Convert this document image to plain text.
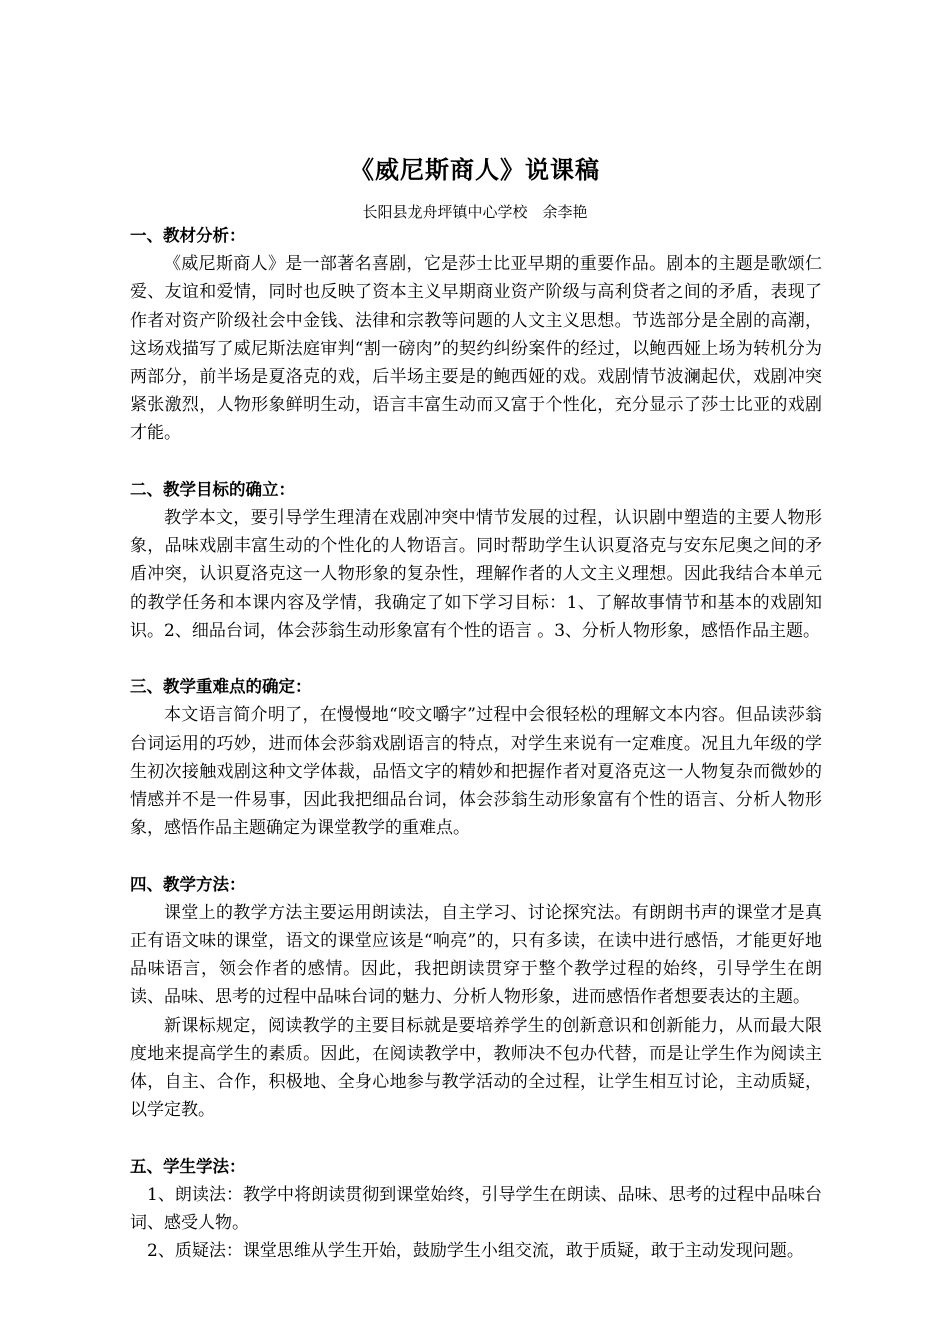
《威尼斯商人》说课稿
长阳县龙舟坪镇中心学校　余李艳

一、教材分析：

《威尼斯商人》是一部著名喜剧，它是莎士比亚早期的重要作品。剧本的主题是歌颂仁爱、友谊和爱情，同时也反映了资本主义早期商业资产阶级与高利贷者之间的矛盾，表现了作者对资产阶级社会中金钱、法律和宗教等问题的人文主义思想。节选部分是全剧的高潮，这场戏描写了威尼斯法庭审判“割一磅肉”的契约纠纷案件的经过，以鲍西娅上场为转机分为两部分，前半场是夏洛克的戏，后半场主要是的鲍西娅的戏。戏剧情节波澜起伏，戏剧冲突紧张激烈，人物形象鲜明生动，语言丰富生动而又富于个性化，充分显示了莎士比亚的戏剧才能。

二、教学目标的确立：

教学本文，要引导学生理清在戏剧冲突中情节发展的过程，认识剧中塑造的主要人物形象，品味戏剧丰富生动的个性化的人物语言。同时帮助学生认识夏洛克与安东尼奥之间的矛盾冲突，认识夏洛克这一人物形象的复杂性，理解作者的人文主义理想。因此我结合本单元的教学任务和本课内容及学情，我确定了如下学习目标：1、了解故事情节和基本的戏剧知识。2、细品台词，体会莎翁生动形象富有个性的语言 。3、分析人物形象，感悟作品主题。

三、教学重难点的确定：

本文语言简介明了，在慢慢地“咬文嚼字”过程中会很轻松的理解文本内容。但品读莎翁台词运用的巧妙，进而体会莎翁戏剧语言的特点，对学生来说有一定难度。况且九年级的学生初次接触戏剧这种文学体裁，品悟文字的精妙和把握作者对夏洛克这一人物复杂而微妙的情感并不是一件易事，因此我把细品台词，体会莎翁生动形象富有个性的语言、分析人物形象，感悟作品主题确定为课堂教学的重难点。

四、教学方法：

课堂上的教学方法主要运用朗读法，自主学习、讨论探究法。有朗朗书声的课堂才是真正有语文味的课堂，语文的课堂应该是“响亮”的，只有多读，在读中进行感悟，才能更好地品味语言，领会作者的感情。因此，我把朗读贯穿于整个教学过程的始终，引导学生在朗读、品味、思考的过程中品味台词的魅力、分析人物形象，进而感悟作者想要表达的主题。

新课标规定，阅读教学的主要目标就是要培养学生的创新意识和创新能力，从而最大限度地来提高学生的素质。因此，在阅读教学中，教师决不包办代替，而是让学生作为阅读主体，自主、合作，积极地、全身心地参与教学活动的全过程，让学生相互讨论，主动质疑，以学定教。

五、学生学法：

1、朗读法：教学中将朗读贯彻到课堂始终，引导学生在朗读、品味、思考的过程中品味台词、感受人物。

2、质疑法：课堂思维从学生开始，鼓励学生小组交流，敢于质疑，敢于主动发现问题。
